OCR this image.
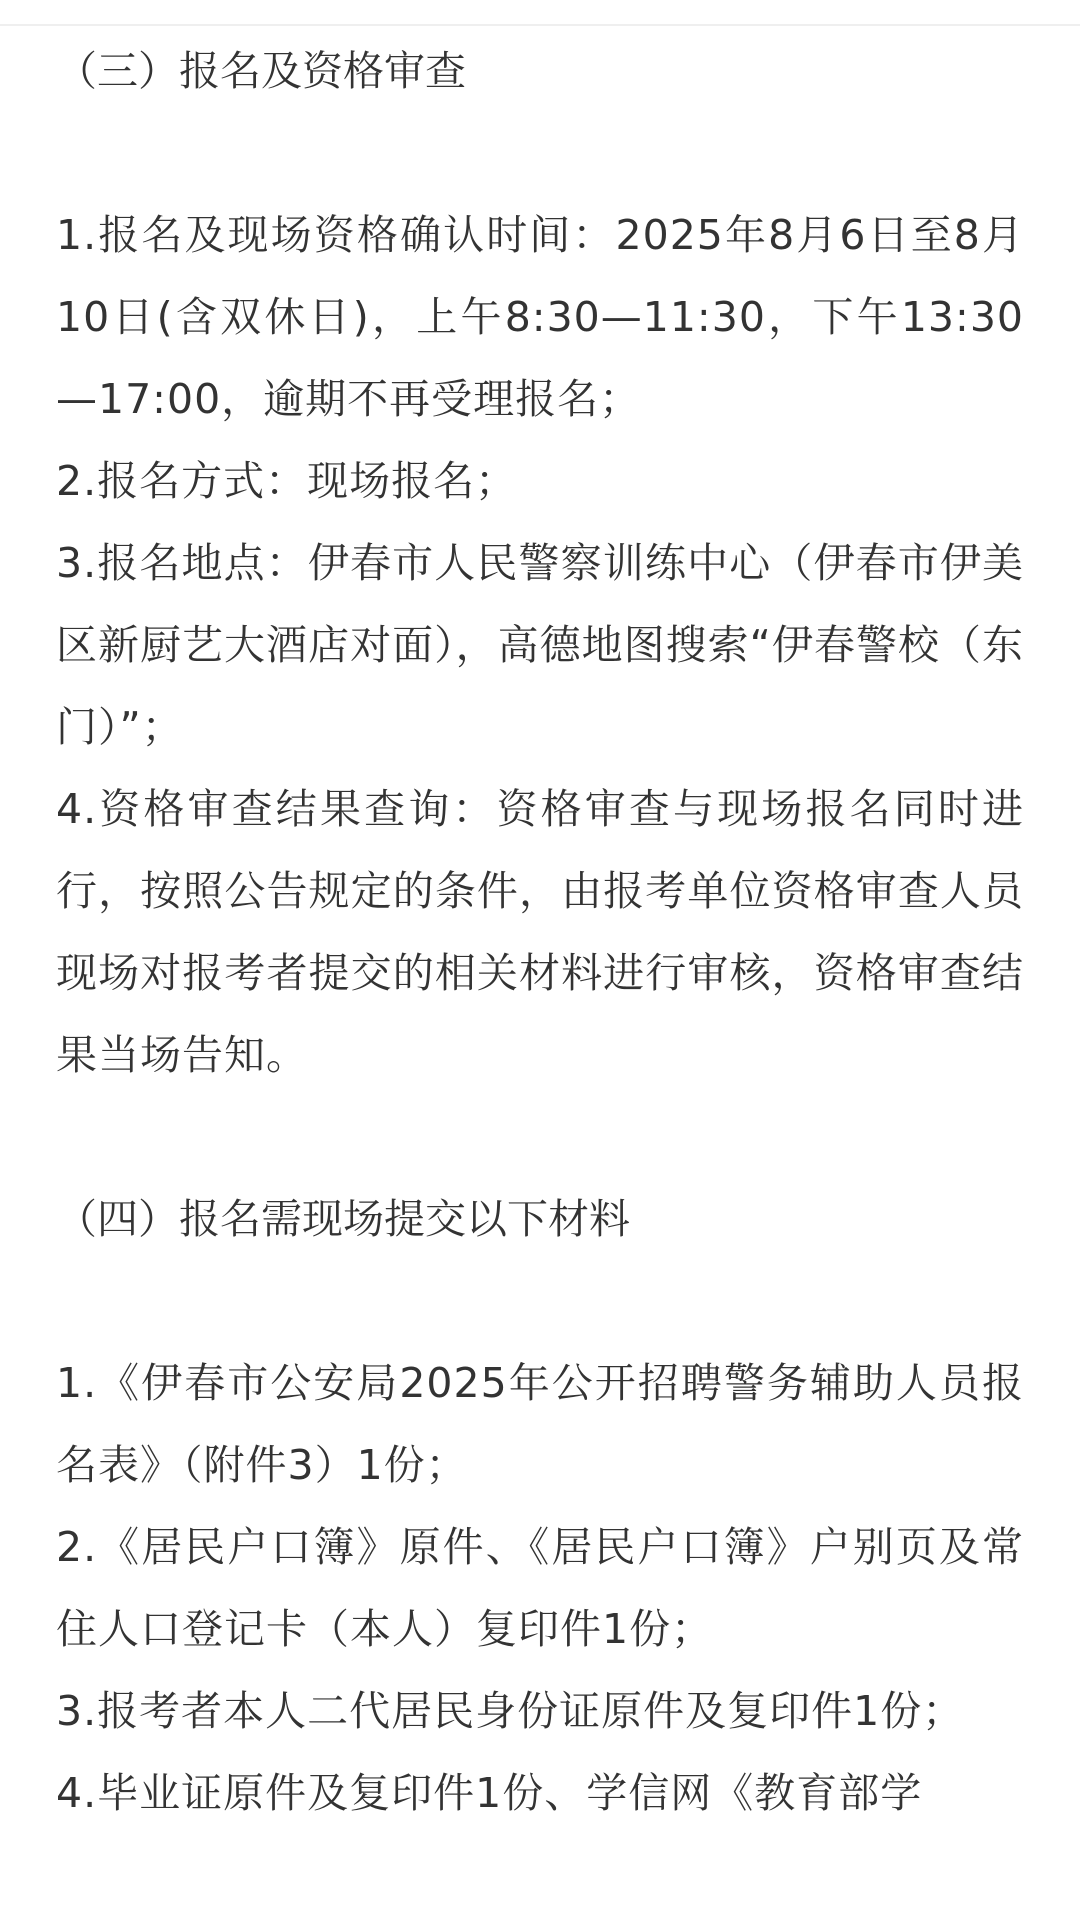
（三）报名及资格审查

1.报名及现场资格确认时间：2025年8月6日至8月10日(含双休日)，上午8:30—11:30，下午13:30—17:00，逾期不再受理报名；

2.报名方式：现场报名；

3.报名地点：伊春市人民警察训练中心（伊春市伊美区新厨艺大酒店对面），高德地图搜索“伊春警校（东门）”；

4.资格审查结果查询：资格审查与现场报名同时进行，按照公告规定的条件，由报考单位资格审查人员现场对报考者提交的相关材料进行审核，资格审查结果当场告知。

（四）报名需现场提交以下材料

1.《伊春市公安局2025年公开招聘警务辅助人员报名表》（附件3）1份；

2.《居民户口簿》原件、《居民户口簿》户别页及常住人口登记卡（本人）复印件1份；

3.报考者本人二代居民身份证原件及复印件1份；

4.毕业证原件及复印件1份、学信网《教育部学
